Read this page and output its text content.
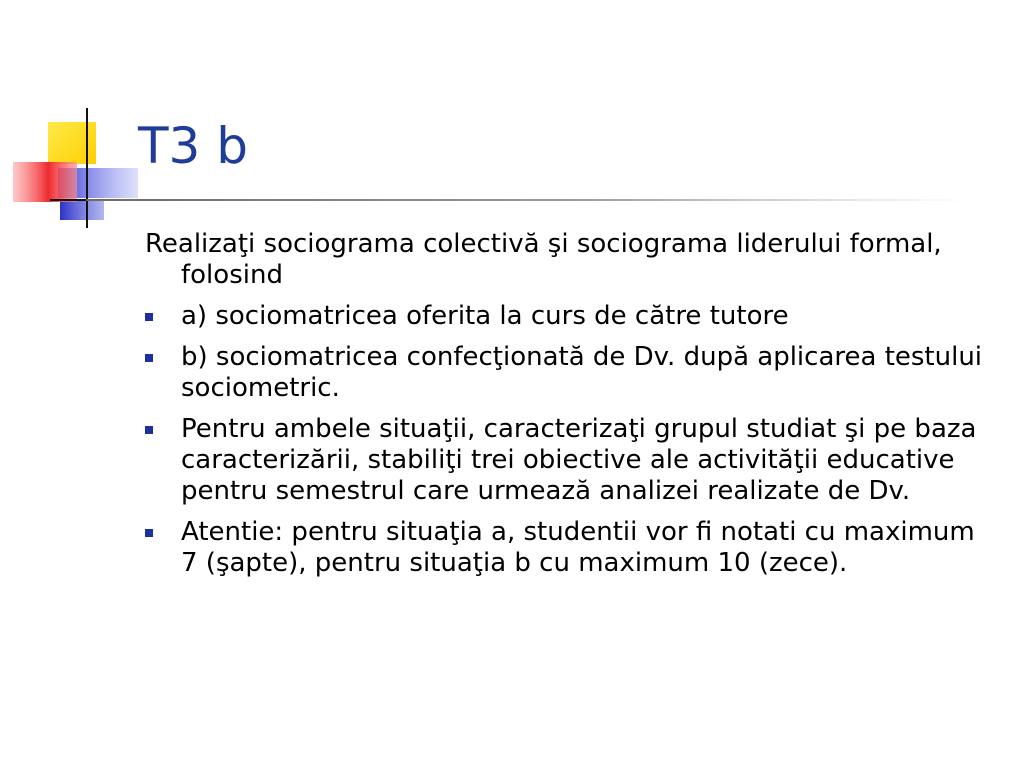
T3 b

Realizaţi sociograma colectivă şi sociograma liderului formal, folosind

a) sociomatricea oferita la curs de către tutore
b) sociomatricea confecţionată de Dv. după aplicarea testului sociometric.
Pentru ambele situaţii, caracterizaţi grupul studiat şi pe baza caracterizării, stabiliţi trei obiective ale activităţii educative pentru semestrul care urmează analizei realizate de Dv.
Atentie: pentru situaţia a, studentii vor fi notati cu maximum 7 (şapte), pentru situaţia b cu maximum 10 (zece).
